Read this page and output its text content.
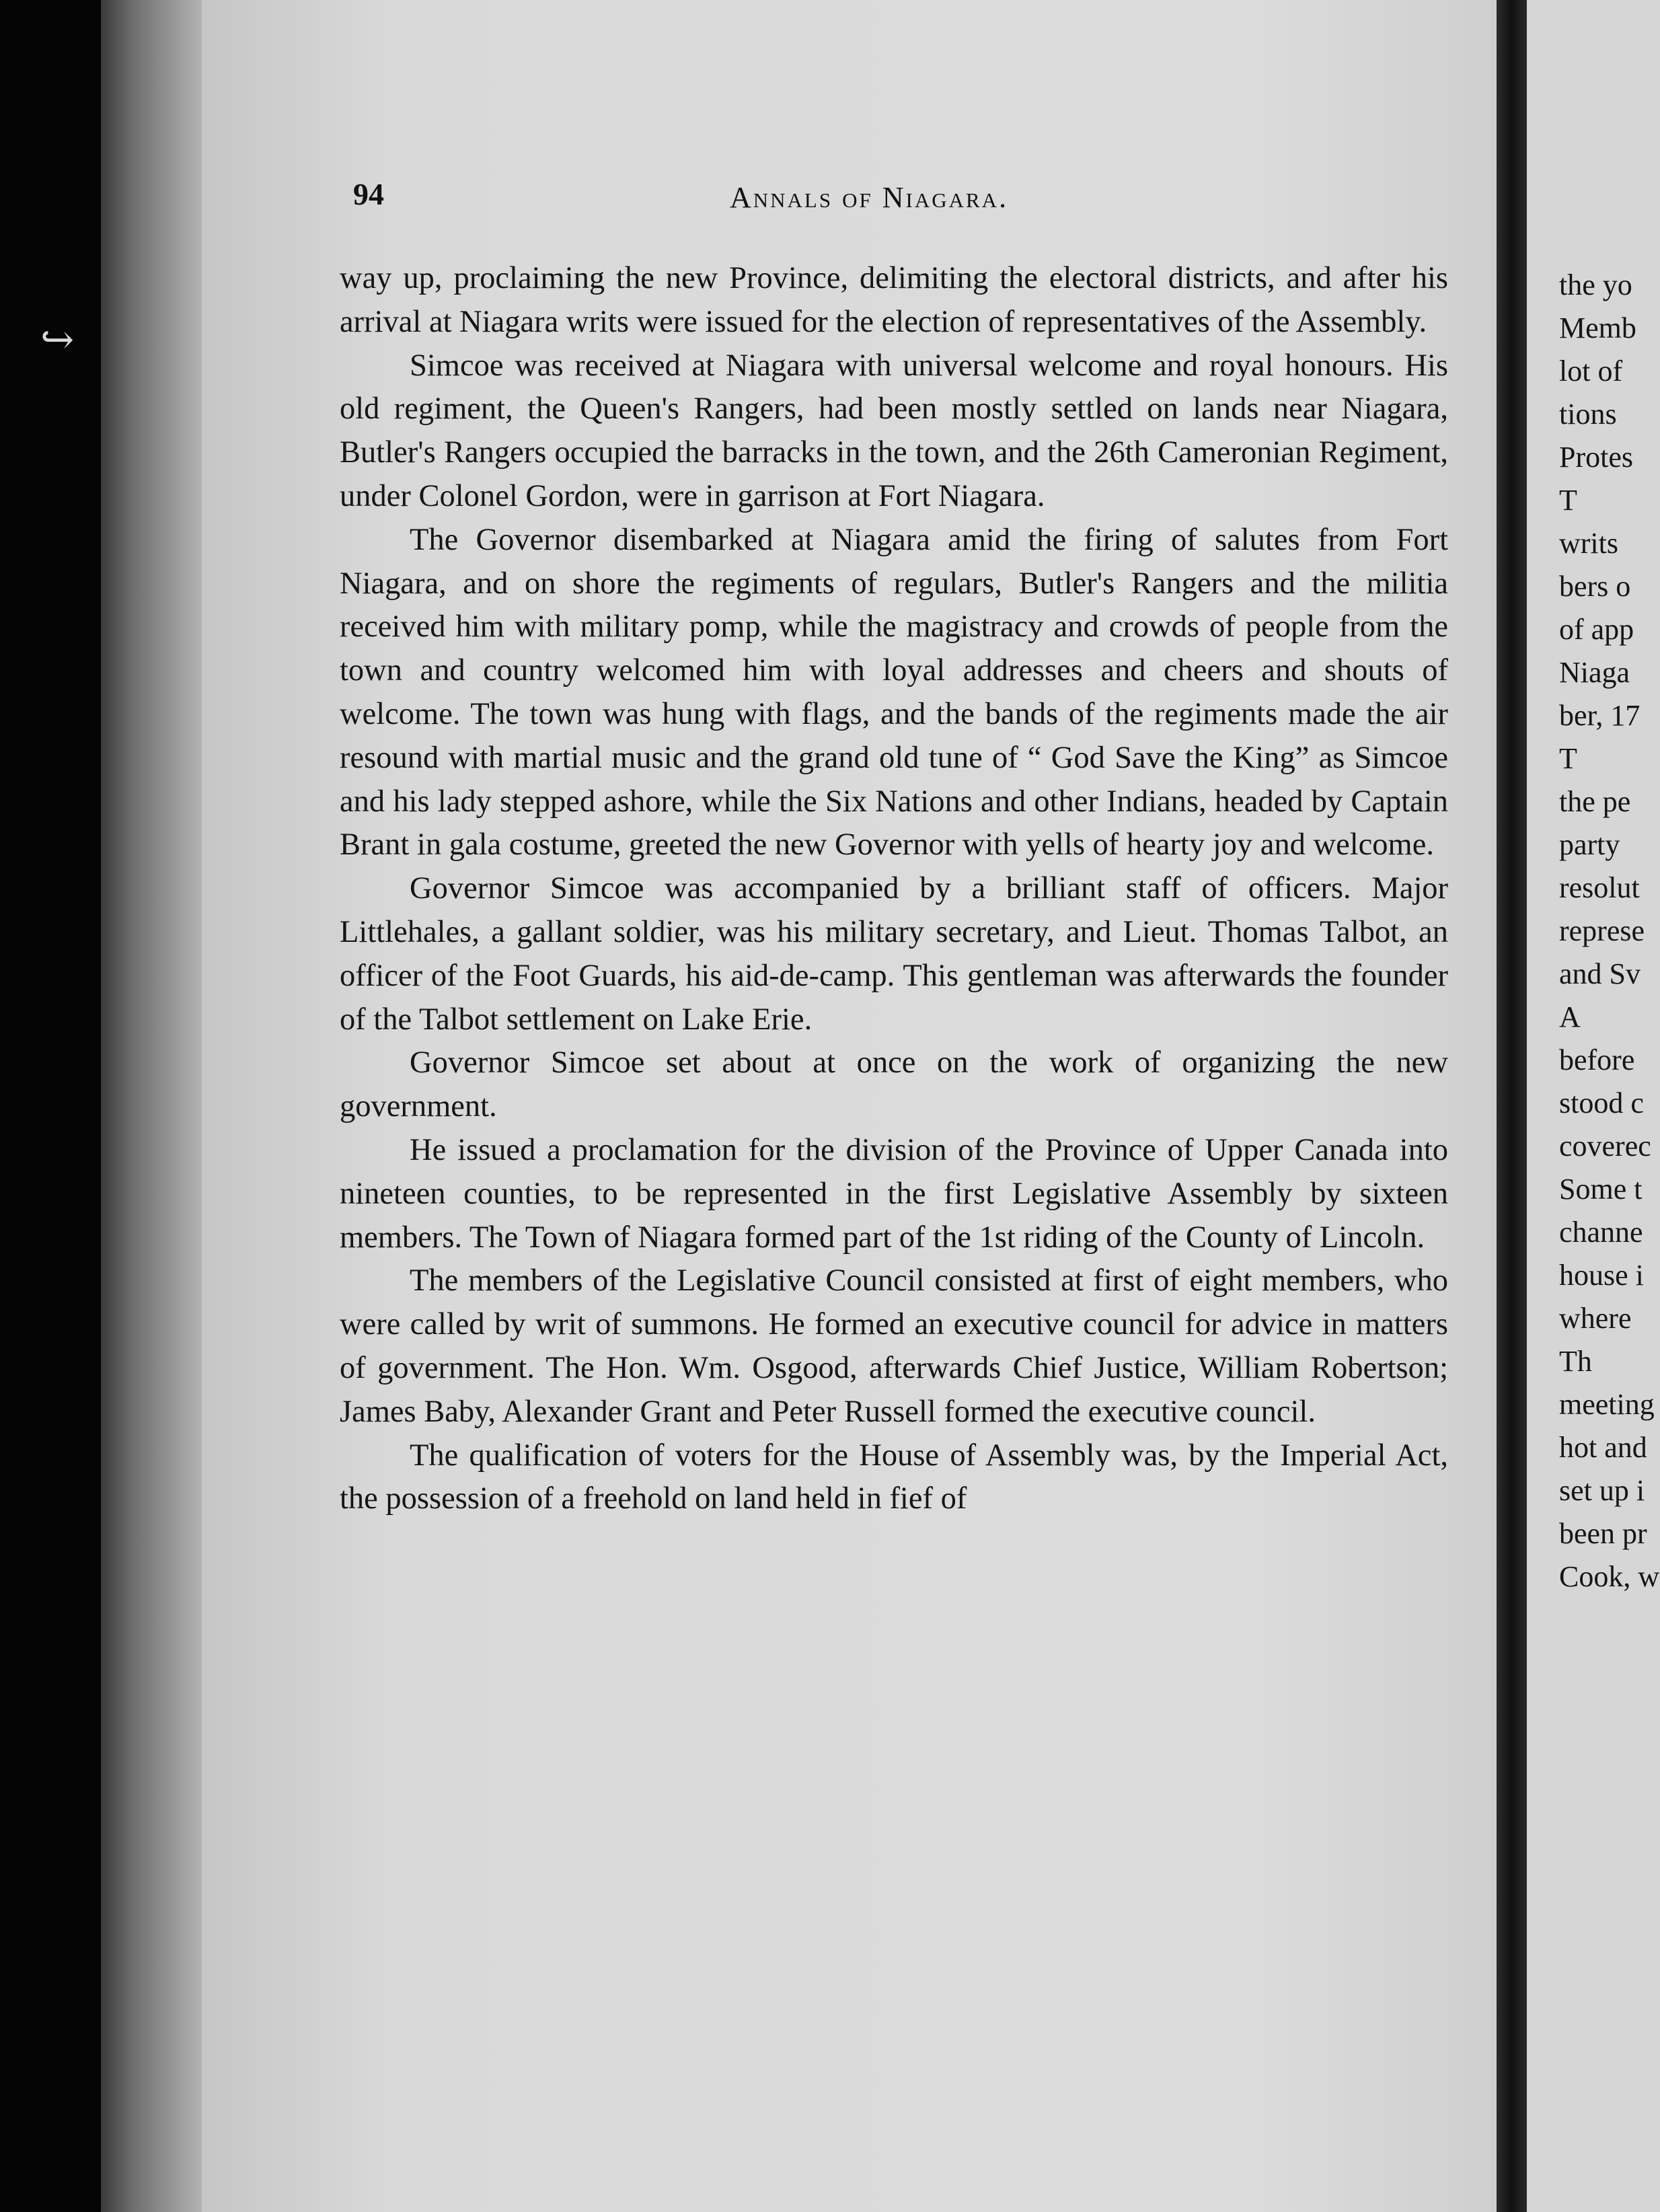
↪
94	Annals of Niagara.

way up, proclaiming the new Province, delimiting the electoral districts, and after his arrival at Niagara writs were issued for the election of representatives of the Assembly.

Simcoe was received at Niagara with universal welcome and royal honours. His old regiment, the Queen's Rangers, had been mostly settled on lands near Niagara, Butler's Rangers occupied the barracks in the town, and the 26th Cameronian Regiment, under Colonel Gordon, were in garrison at Fort Niagara.

The Governor disembarked at Niagara amid the firing of salutes from Fort Niagara, and on shore the regiments of regulars, Butler's Rangers and the militia received him with military pomp, while the magistracy and crowds of people from the town and country welcomed him with loyal addresses and cheers and shouts of welcome. The town was hung with flags, and the bands of the regiments made the air resound with martial music and the grand old tune of “ God Save the King” as Simcoe and his lady stepped ashore, while the Six Nations and other Indians, headed by Captain Brant in gala costume, greeted the new Governor with yells of hearty joy and welcome.

Governor Simcoe was accompanied by a brilliant staff of officers. Major Littlehales, a gallant soldier, was his military secretary, and Lieut. Thomas Talbot, an officer of the Foot Guards, his aid-de-camp. This gentleman was afterwards the founder of the Talbot settlement on Lake Erie.

Governor Simcoe set about at once on the work of organizing the new government.

He issued a proclamation for the division of the Province of Upper Canada into nineteen counties, to be represented in the first Legislative Assembly by sixteen members. The Town of Niagara formed part of the 1st riding of the County of Lincoln.

The members of the Legislative Council consisted at first of eight members, who were called by writ of summons. He formed an executive council for advice in matters of government. The Hon. Wm. Osgood, afterwards Chief Justice, William Robertson; James Baby, Alexander Grant and Peter Russell formed the executive council.

The qualification of voters for the House of Assembly was, by the Imperial Act, the possession of a freehold on land held in fief of

the yo
Memb
lot of
tions
Protes
T
writs
bers o
of app
Niaga
ber, 17
T
the pe
party
resolut
represe
and Sv
A
before
stood c
coverec
Some t
channe
house i
where
Th
meeting
hot and
set up i
been pr
Cook, w
